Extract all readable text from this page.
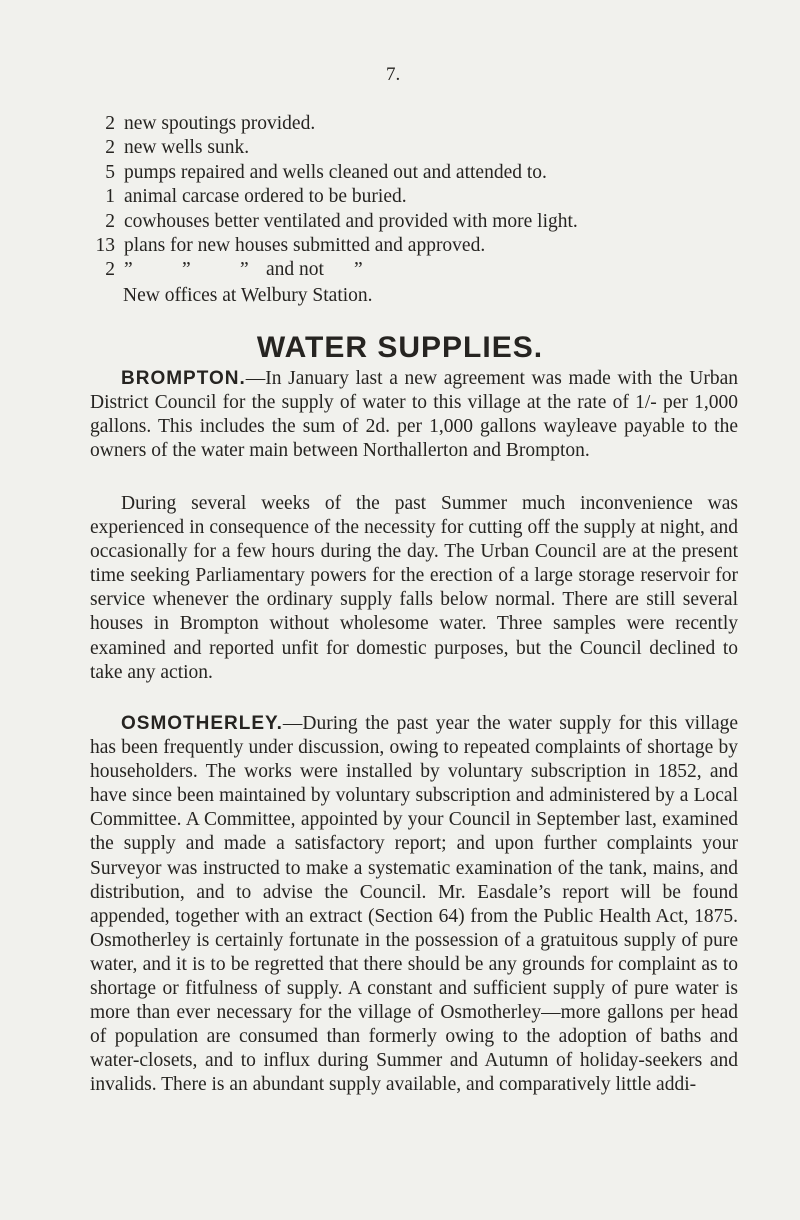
7.
2 new spoutings provided.
2 new wells sunk.
5 pumps repaired and wells cleaned out and attended to.
1 animal carcase ordered to be buried.
2 cowhouses better ventilated and provided with more light.
13 plans for new houses submitted and approved.
2 ”	”	” and not	”
New offices at Welbury Station.
WATER SUPPLIES.
BROMPTON.—In January last a new agreement was made with the Urban District Council for the supply of water to this village at the rate of 1/- per 1,000 gallons. This includes the sum of 2d. per 1,000 gallons wayleave payable to the owners of the water main between Northallerton and Brompton.
During several weeks of the past Summer much inconvenience was experienced in consequence of the necessity for cutting off the supply at night, and occasionally for a few hours during the day. The Urban Council are at the present time seeking Parliamentary powers for the erection of a large storage reservoir for service whenever the ordinary supply falls below normal. There are still several houses in Brompton without wholesome water. Three samples were recently examined and reported unfit for domestic purposes, but the Council declined to take any action.
OSMOTHERLEY.—During the past year the water supply for this village has been frequently under discussion, owing to repeated complaints of shortage by householders. The works were installed by voluntary subscription in 1852, and have since been maintained by voluntary subscription and administered by a Local Committee. A Committee, appointed by your Council in September last, examined the supply and made a satisfactory report; and upon further complaints your Surveyor was instructed to make a systematic examination of the tank, mains, and distribution, and to advise the Council. Mr. Easdale’s report will be found appended, together with an extract (Section 64) from the Public Health Act, 1875. Osmotherley is certainly fortunate in the possession of a gratuitous supply of pure water, and it is to be regretted that there should be any grounds for complaint as to shortage or fitfulness of supply. A constant and sufficient supply of pure water is more than ever necessary for the village of Osmotherley—more gallons per head of population are consumed than formerly owing to the adoption of baths and water-closets, and to influx during Summer and Autumn of holiday-seekers and invalids. There is an abundant supply available, and comparatively little addi-
